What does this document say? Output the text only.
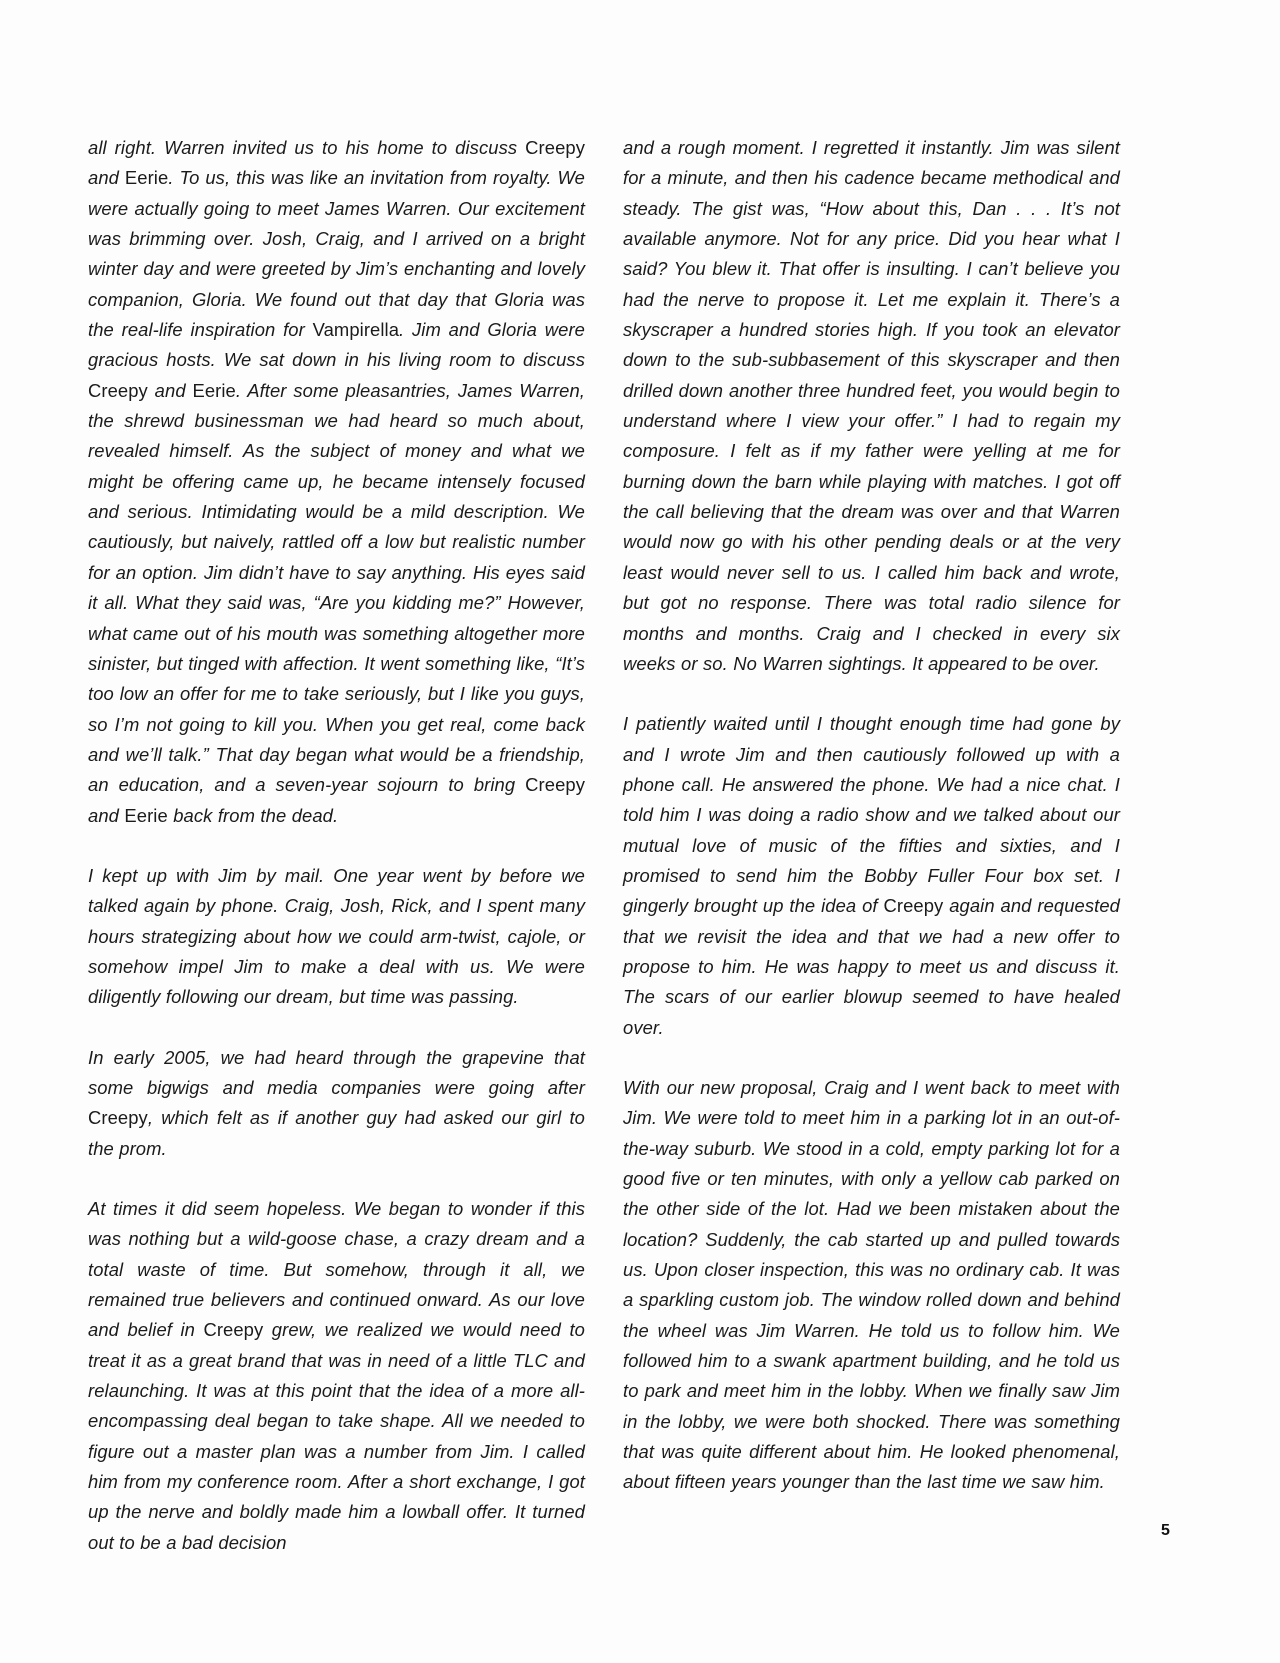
all right. Warren invited us to his home to discuss Creepy and Eerie. To us, this was like an invitation from royalty. We were actually going to meet James Warren. Our excitement was brimming over. Josh, Craig, and I arrived on a bright winter day and were greeted by Jim’s enchanting and lovely companion, Gloria. We found out that day that Gloria was the real-life inspiration for Vampirella. Jim and Gloria were gracious hosts. We sat down in his living room to discuss Creepy and Eerie. After some pleasantries, James Warren, the shrewd businessman we had heard so much about, revealed himself. As the subject of money and what we might be offering came up, he became intensely focused and serious. Intimidating would be a mild description. We cautiously, but naively, rattled off a low but realistic number for an option. Jim didn’t have to say anything. His eyes said it all. What they said was, “Are you kidding me?” However, what came out of his mouth was something altogether more sinister, but tinged with affection. It went something like, “It’s too low an offer for me to take seriously, but I like you guys, so I’m not going to kill you. When you get real, come back and we’ll talk.” That day began what would be a friendship, an education, and a seven-year sojourn to bring Creepy and Eerie back from the dead.

I kept up with Jim by mail. One year went by before we talked again by phone. Craig, Josh, Rick, and I spent many hours strategizing about how we could arm-twist, cajole, or somehow impel Jim to make a deal with us. We were diligently following our dream, but time was passing.

In early 2005, we had heard through the grapevine that some bigwigs and media companies were going after Creepy, which felt as if another guy had asked our girl to the prom.

At times it did seem hopeless. We began to wonder if this was nothing but a wild-goose chase, a crazy dream and a total waste of time. But somehow, through it all, we remained true believers and continued onward. As our love and belief in Creepy grew, we realized we would need to treat it as a great brand that was in need of a little TLC and relaunching. It was at this point that the idea of a more all-encompassing deal began to take shape. All we needed to figure out a master plan was a number from Jim. I called him from my conference room. After a short exchange, I got up the nerve and boldly made him a lowball offer. It turned out to be a bad decision

and a rough moment. I regretted it instantly. Jim was silent for a minute, and then his cadence became methodical and steady. The gist was, “How about this, Dan . . . It’s not available anymore. Not for any price. Did you hear what I said? You blew it. That offer is insulting. I can’t believe you had the nerve to propose it. Let me explain it. There’s a skyscraper a hundred stories high. If you took an elevator down to the sub-subbasement of this skyscraper and then drilled down another three hundred feet, you would begin to understand where I view your offer.” I had to regain my composure. I felt as if my father were yelling at me for burning down the barn while playing with matches. I got off the call believing that the dream was over and that Warren would now go with his other pending deals or at the very least would never sell to us. I called him back and wrote, but got no response. There was total radio silence for months and months. Craig and I checked in every six weeks or so. No Warren sightings. It appeared to be over.

I patiently waited until I thought enough time had gone by and I wrote Jim and then cautiously followed up with a phone call. He answered the phone. We had a nice chat. I told him I was doing a radio show and we talked about our mutual love of music of the fifties and sixties, and I promised to send him the Bobby Fuller Four box set. I gingerly brought up the idea of Creepy again and requested that we revisit the idea and that we had a new offer to propose to him. He was happy to meet us and discuss it. The scars of our earlier blowup seemed to have healed over.

With our new proposal, Craig and I went back to meet with Jim. We were told to meet him in a parking lot in an out-of-the-way suburb. We stood in a cold, empty parking lot for a good five or ten minutes, with only a yellow cab parked on the other side of the lot. Had we been mistaken about the location? Suddenly, the cab started up and pulled towards us. Upon closer inspection, this was no ordinary cab. It was a sparkling custom job. The window rolled down and behind the wheel was Jim Warren. He told us to follow him. We followed him to a swank apartment building, and he told us to park and meet him in the lobby. When we finally saw Jim in the lobby, we were both shocked. There was something that was quite different about him. He looked phenomenal, about fifteen years younger than the last time we saw him.

5
